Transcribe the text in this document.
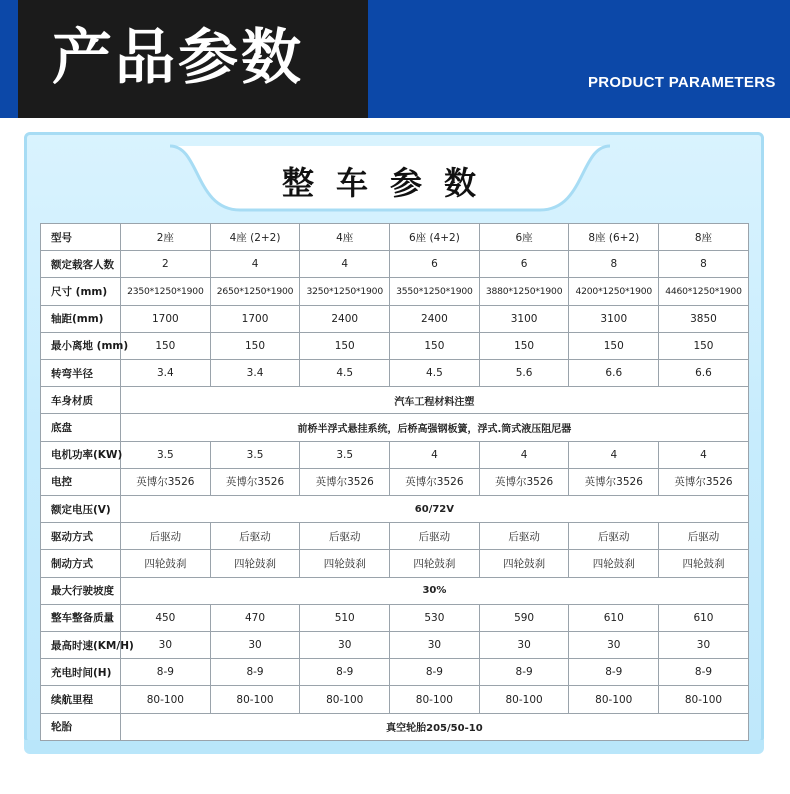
产品参数	PRODUCT PARAMETERS
整车参数
型号	2座	4座 (2+2)	4座	6座 (4+2)	6座	8座 (6+2)	8座
额定载客人数	2	4	4	6	6	8	8
尺寸 (mm)	2350*1250*1900	2650*1250*1900	3250*1250*1900	3550*1250*1900	3880*1250*1900	4200*1250*1900	4460*1250*1900
轴距(mm)	1700	1700	2400	2400	3100	3100	3850
最小离地 (mm)	150	150	150	150	150	150	150
转弯半径	3.4	3.4	4.5	4.5	5.6	6.6	6.6
车身材质	汽车工程材料注塑						
底盘	前桥半浮式悬挂系统，后桥高强钢板簧，浮式.筒式液压阻尼器						
电机功率(KW)	3.5	3.5	3.5	4	4	4	4
电控	英博尔3526	英博尔3526	英博尔3526	英博尔3526	英博尔3526	英博尔3526	英博尔3526
额定电压(V)	60/72V						
驱动方式	后驱动	后驱动	后驱动	后驱动	后驱动	后驱动	后驱动
制动方式	四轮鼓刹	四轮鼓刹	四轮鼓刹	四轮鼓刹	四轮鼓刹	四轮鼓刹	四轮鼓刹
最大行驶坡度	30%						
整车整备质量	450	470	510	530	590	610	610
最高时速(KM/H)	30	30	30	30	30	30	30
充电时间(H)	8-9	8-9	8-9	8-9	8-9	8-9	8-9
续航里程	80-100	80-100	80-100	80-100	80-100	80-100	80-100
轮胎	真空轮胎205/50-10						
